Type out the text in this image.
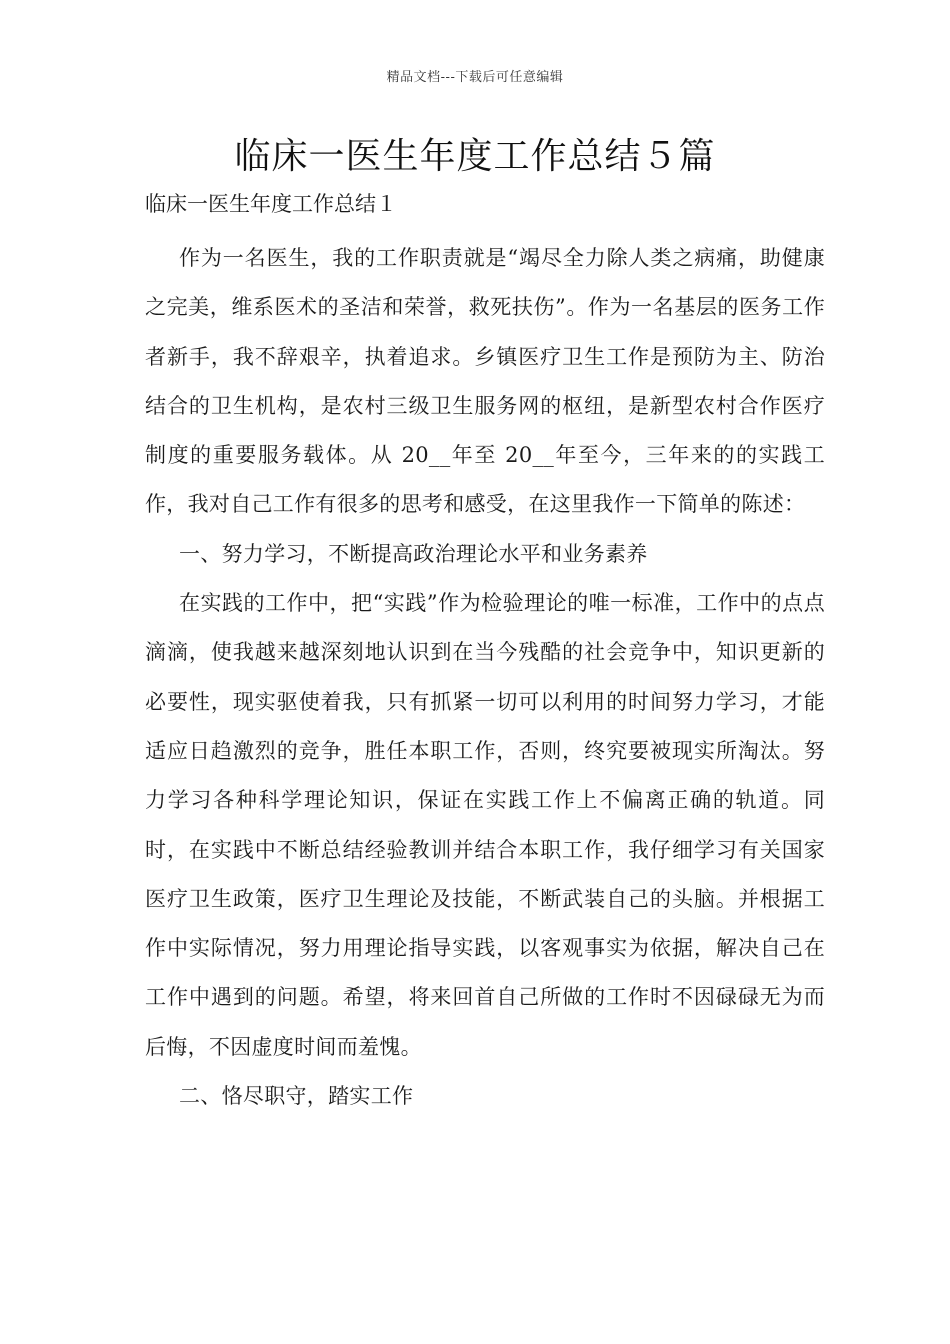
精品文档---下载后可任意编辑
临床一医生年度工作总结５篇
临床一医生年度工作总结１

作为一名医生，我的工作职责就是“竭尽全力除人类之病痛，助健康之完美，维系医术的圣洁和荣誉，救死扶伤”。作为一名基层的医务工作者新手，我不辞艰辛，执着追求。乡镇医疗卫生工作是预防为主、防治结合的卫生机构，是农村三级卫生服务网的枢纽，是新型农村合作医疗制度的重要服务载体。从 20__年至 20__年至今，三年来的的实践工作，我对自己工作有很多的思考和感受，在这里我作一下简单的陈述：

一、努力学习，不断提高政治理论水平和业务素养

在实践的工作中，把“实践”作为检验理论的唯一标准，工作中的点点滴滴，使我越来越深刻地认识到在当今残酷的社会竞争中，知识更新的必要性，现实驱使着我，只有抓紧一切可以利用的时间努力学习，才能适应日趋激烈的竞争，胜任本职工作，否则，终究要被现实所淘汰。努力学习各种科学理论知识，保证在实践工作上不偏离正确的轨道。同时，在实践中不断总结经验教训并结合本职工作，我仔细学习有关国家医疗卫生政策，医疗卫生理论及技能，不断武装自己的头脑。并根据工作中实际情况，努力用理论指导实践，以客观事实为依据，解决自己在工作中遇到的问题。希望，将来回首自己所做的工作时不因碌碌无为而后悔，不因虚度时间而羞愧。

二、恪尽职守，踏实工作
